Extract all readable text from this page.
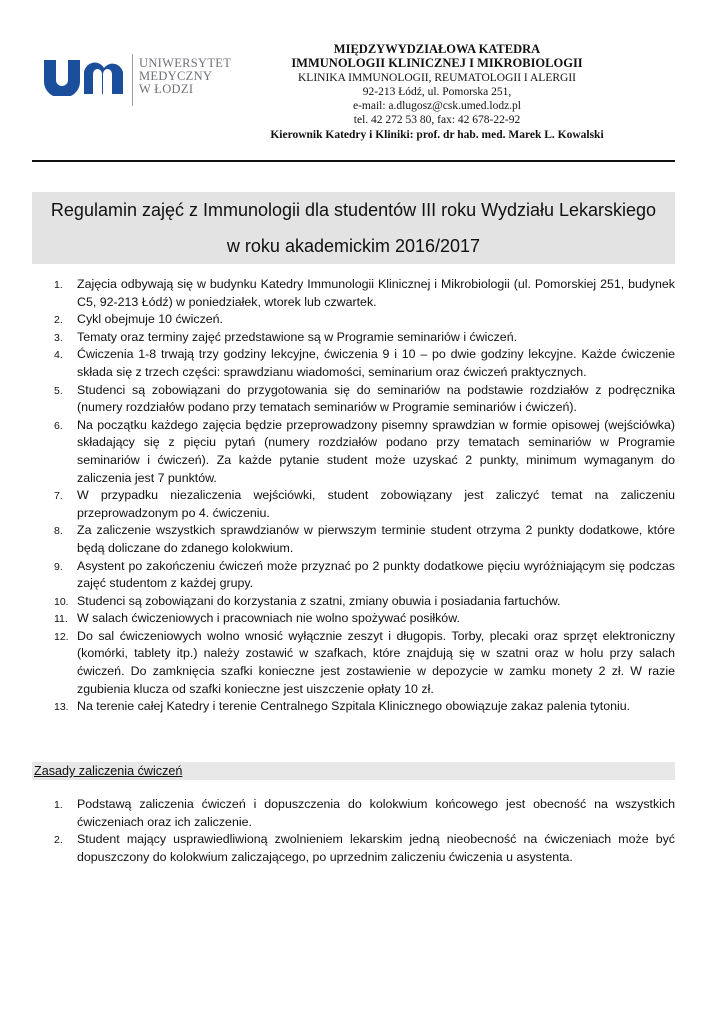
UNIWERSYTET
MEDYCZNY
W ŁODZI
MIĘDZYWYDZIAŁOWA KATEDRA
IMMUNOLOGII KLINICZNEJ I MIKROBIOLOGII
KLINIKA IMMUNOLOGII, REUMATOLOGII I ALERGII
92-213 Łódź, ul. Pomorska 251,
e-mail: a.dlugosz@csk.umed.lodz.pl
tel. 42 272 53 80, fax: 42 678-22-92
Kierownik Katedry i Kliniki: prof. dr hab. med. Marek L. Kowalski
Regulamin zajęć z Immunologii dla studentów III roku Wydziału Lekarskiego
w roku akademickim 2016/2017
1. Zajęcia odbywają się w budynku Katedry Immunologii Klinicznej i Mikrobiologii (ul. Pomorskiej 251, budynek C5, 92-213 Łódź) w poniedziałek, wtorek lub czwartek.
2. Cykl obejmuje 10 ćwiczeń.
3. Tematy oraz terminy zajęć przedstawione są w Programie seminariów i ćwiczeń.
4. Ćwiczenia 1-8 trwają trzy godziny lekcyjne, ćwiczenia 9 i 10 – po dwie godziny lekcyjne. Każde ćwiczenie składa się z trzech części: sprawdzianu wiadomości, seminarium oraz ćwiczeń praktycznych.
5. Studenci są zobowiązani do przygotowania się do seminariów na podstawie rozdziałów z podręcznika (numery rozdziałów podano przy tematach seminariów w Programie seminariów i ćwiczeń).
6. Na początku każdego zajęcia będzie przeprowadzony pisemny sprawdzian w formie opisowej (wejściówka) składający się z pięciu pytań (numery rozdziałów podano przy tematach seminariów w Programie seminariów i ćwiczeń). Za każde pytanie student może uzyskać 2 punkty, minimum wymaganym do zaliczenia jest 7 punktów.
7. W przypadku niezaliczenia wejściówki, student zobowiązany jest zaliczyć temat na zaliczeniu przeprowadzonym po 4. ćwiczeniu.
8. Za zaliczenie wszystkich sprawdzianów w pierwszym terminie student otrzyma 2 punkty dodatkowe, które będą doliczane do zdanego kolokwium.
9. Asystent po zakończeniu ćwiczeń może przyznać po 2 punkty dodatkowe pięciu wyróżniającym się podczas zajęć studentom z każdej grupy.
10. Studenci są zobowiązani do korzystania z szatni, zmiany obuwia i posiadania fartuchów.
11. W salach ćwiczeniowych i pracowniach nie wolno spożywać posiłków.
12. Do sal ćwiczeniowych wolno wnosić wyłącznie zeszyt i długopis. Torby, plecaki oraz sprzęt elektroniczny (komórki, tablety itp.) należy zostawić w szafkach, które znajdują się w szatni oraz w holu przy salach ćwiczeń. Do zamknięcia szafki konieczne jest zostawienie w depozycie w zamku monety 2 zł. W razie zgubienia klucza od szafki konieczne jest uiszczenie opłaty 10 zł.
13. Na terenie całej Katedry i terenie Centralnego Szpitala Klinicznego obowiązuje zakaz palenia tytoniu.
Zasady zaliczenia ćwiczeń
1. Podstawą zaliczenia ćwiczeń i dopuszczenia do kolokwium końcowego jest obecność na wszystkich ćwiczeniach oraz ich zaliczenie.
2. Student mający usprawiedliwioną zwolnieniem lekarskim jedną nieobecność na ćwiczeniach może być dopuszczony do kolokwium zaliczającego, po uprzednim zaliczeniu ćwiczenia u asystenta.
